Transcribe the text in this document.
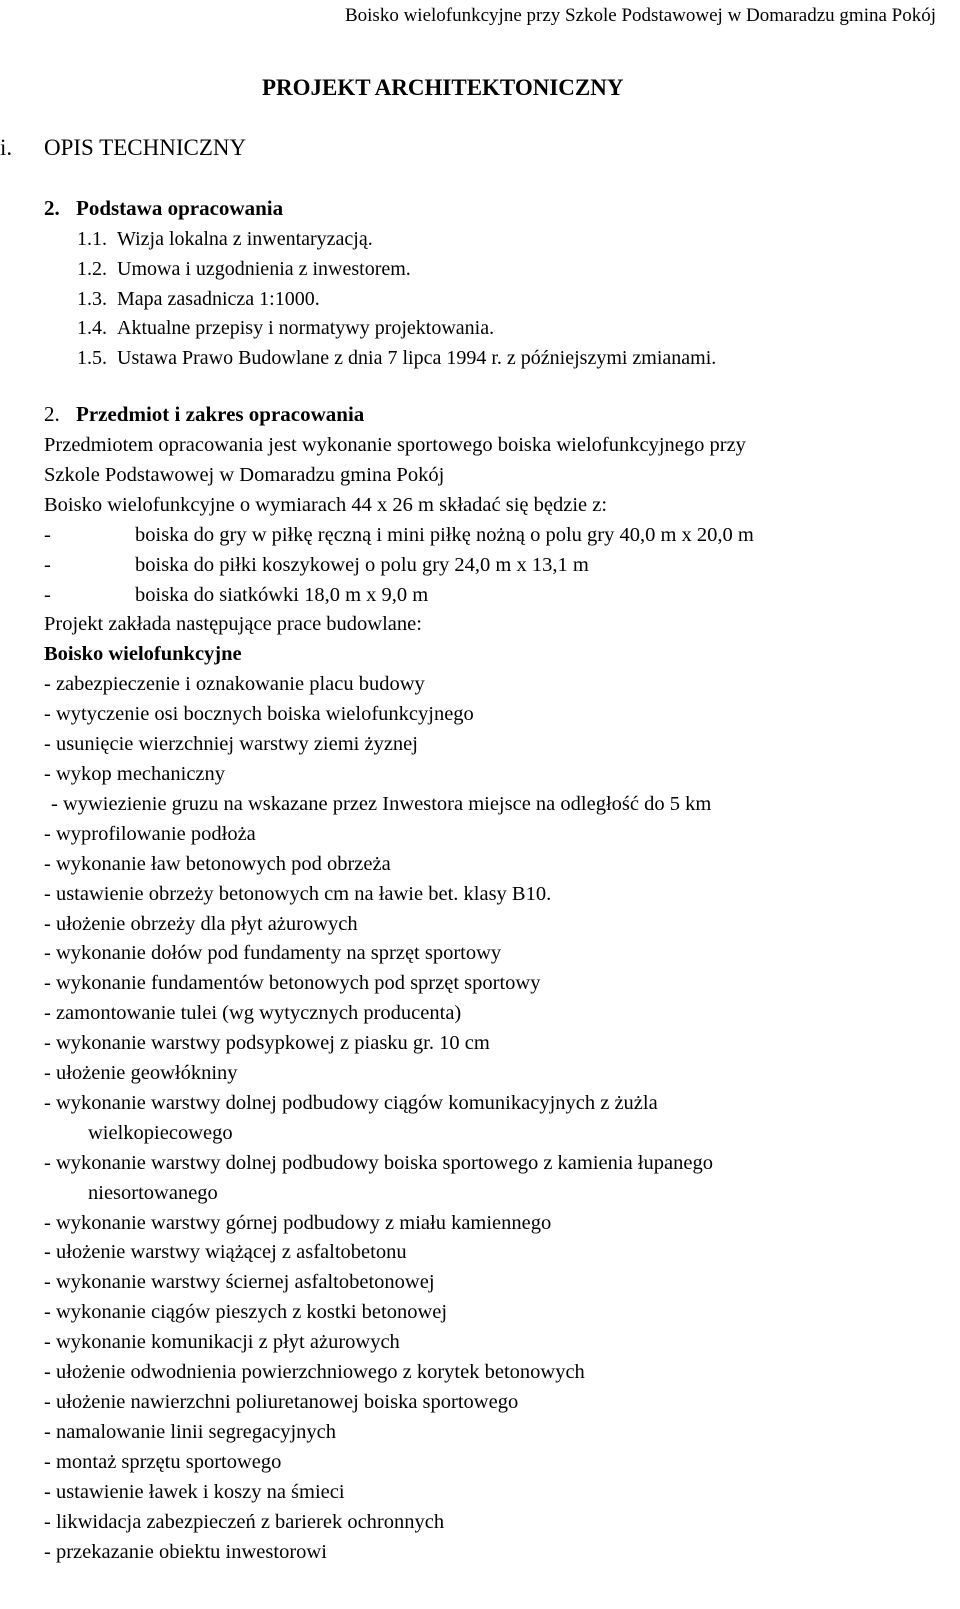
Boisko wielofunkcyjne przy Szkole Podstawowej w Domaradzu gmina Pokój
PROJEKT ARCHITEKTONICZNY
i. OPIS TECHNICZNY
2. Podstawa opracowania
1.1. Wizja lokalna z inwentaryzacją.
1.2. Umowa i uzgodnienia z inwestorem.
1.3. Mapa zasadnicza 1:1000.
1.4. Aktualne przepisy i normatywy projektowania.
1.5. Ustawa Prawo Budowlane z dnia 7 lipca 1994 r. z późniejszymi zmianami.
2. Przedmiot i zakres opracowania

Przedmiotem opracowania jest wykonanie sportowego boiska wielofunkcyjnego przy

Szkole Podstawowej w Domaradzu gmina Pokój

Boisko wielofunkcyjne o wymiarach 44 x 26 m składać się będzie z:

-	boiska do gry w piłkę ręczną i mini piłkę nożną o polu gry 40,0 m x 20,0 m
-	boiska do piłki koszykowej o polu gry 24,0 m x 13,1 m
-	boiska do siatkówki 18,0 m x 9,0 m

Projekt zakłada następujące prace budowlane:

Boisko wielofunkcyjne

- zabezpieczenie i oznakowanie placu budowy
- wytyczenie osi bocznych boiska wielofunkcyjnego
- usunięcie wierzchniej warstwy ziemi żyznej
- wykop mechaniczny
- wywiezienie gruzu na wskazane przez Inwestora miejsce na odległość do 5 km
- wyprofilowanie podłoża
- wykonanie ław betonowych pod obrzeża
- ustawienie obrzeży betonowych cm na ławie bet. klasy B10.
- ułożenie obrzeży dla płyt ażurowych
- wykonanie dołów pod fundamenty na sprzęt sportowy
- wykonanie fundamentów betonowych pod sprzęt sportowy
- zamontowanie tulei (wg wytycznych producenta)
- wykonanie warstwy podsypkowej z piasku gr. 10 cm
- ułożenie geowłókniny
- wykonanie warstwy dolnej podbudowy ciągów komunikacyjnych z żużla
wielkopiecowego
- wykonanie warstwy dolnej podbudowy boiska sportowego z kamienia łupanego
niesortowanego
- wykonanie warstwy górnej podbudowy z miału kamiennego
- ułożenie warstwy wiążącej z asfaltobetonu
- wykonanie warstwy ściernej asfaltobetonowej
- wykonanie ciągów pieszych z kostki betonowej
- wykonanie komunikacji z płyt ażurowych
- ułożenie odwodnienia powierzchniowego z korytek betonowych
- ułożenie nawierzchni poliuretanowej boiska sportowego
- namalowanie linii segregacyjnych
- montaż sprzętu sportowego
- ustawienie ławek i koszy na śmieci
- likwidacja zabezpieczeń z barierek ochronnych
- przekazanie obiektu inwestorowi
